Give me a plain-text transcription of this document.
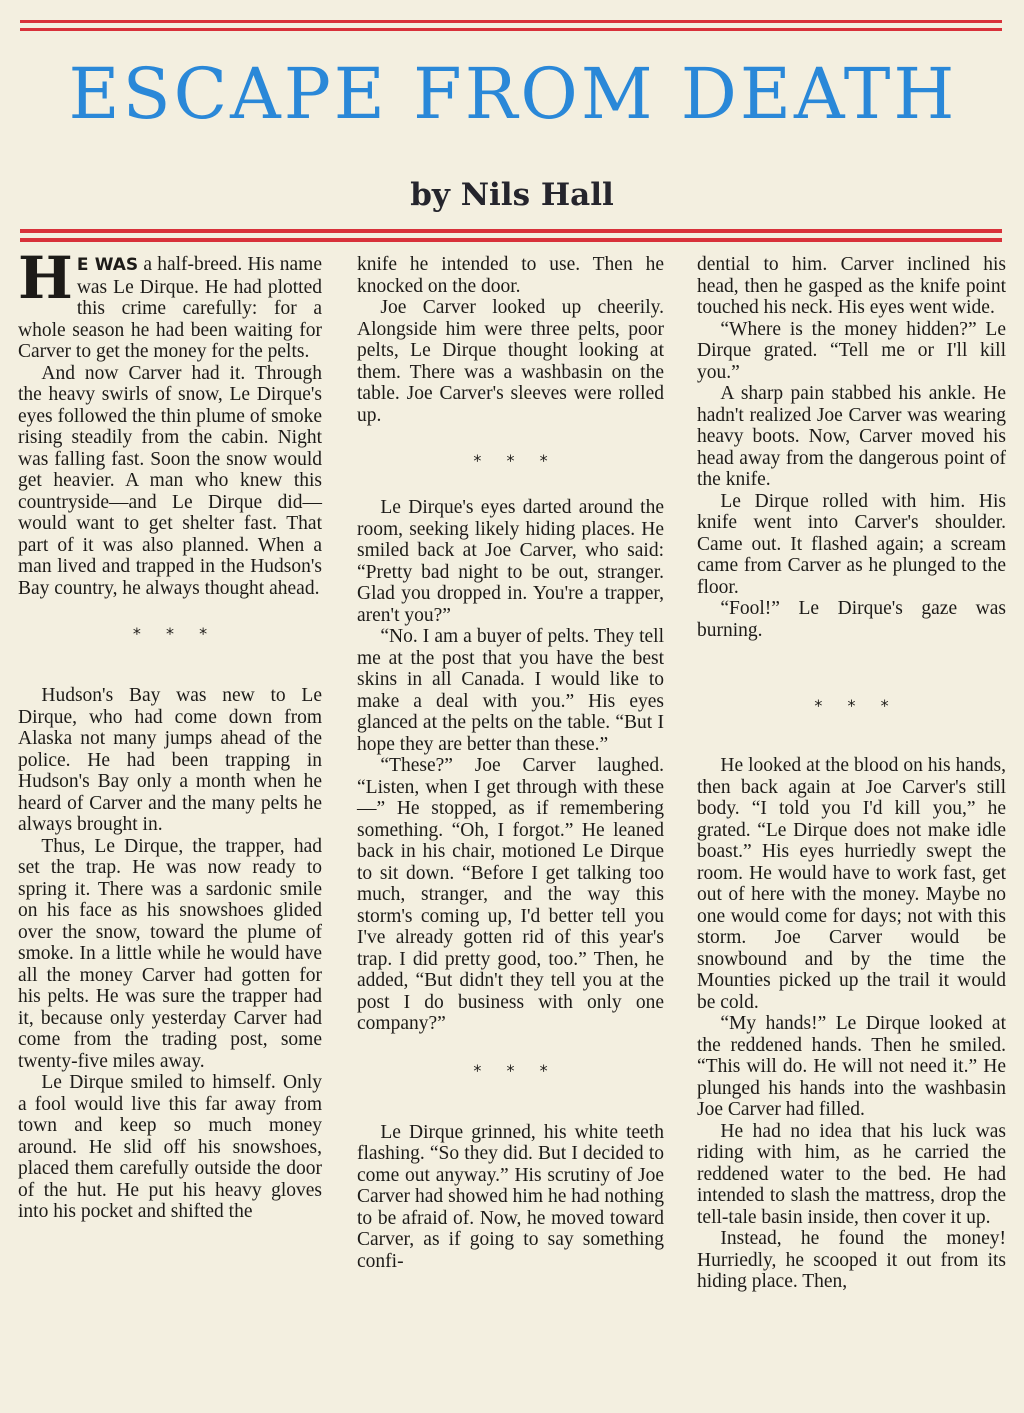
ESCAPE FROM DEATH
by Nils Hall

H E WAS a half-breed. His name was Le Dirque. He had plotted this crime carefully: for a whole season he had been waiting for Carver to get the money for the pelts.

And now Carver had it. Through the heavy swirls of snow, Le Dirque's eyes followed the thin plume of smoke rising steadily from the cabin. Night was falling fast. Soon the snow would get heavier. A man who knew this countryside—and Le Dirque did—would want to get shelter fast. That part of it was also planned. When a man lived and trapped in the Hudson's Bay country, he always thought ahead.

* * *

Hudson's Bay was new to Le Dirque, who had come down from Alaska not many jumps ahead of the police. He had been trapping in Hudson's Bay only a month when he heard of Carver and the many pelts he always brought in.

Thus, Le Dirque, the trapper, had set the trap. He was now ready to spring it. There was a sardonic smile on his face as his snowshoes glided over the snow, toward the plume of smoke. In a little while he would have all the money Carver had gotten for his pelts. He was sure the trapper had it, because only yesterday Carver had come from the trading post, some twenty-five miles away.

Le Dirque smiled to himself. Only a fool would live this far away from town and keep so much money around. He slid off his snowshoes, placed them carefully outside the door of the hut. He put his heavy gloves into his pocket and shifted the

knife he intended to use. Then he knocked on the door.

Joe Carver looked up cheerily. Alongside him were three pelts, poor pelts, Le Dirque thought looking at them. There was a washbasin on the table. Joe Carver's sleeves were rolled up.

* * *

Le Dirque's eyes darted around the room, seeking likely hiding places. He smiled back at Joe Carver, who said: “Pretty bad night to be out, stranger. Glad you dropped in. You're a trapper, aren't you?”

“No. I am a buyer of pelts. They tell me at the post that you have the best skins in all Canada. I would like to make a deal with you.” His eyes glanced at the pelts on the table. “But I hope they are better than these.”

“These?” Joe Carver laughed. “Listen, when I get through with these—” He stopped, as if remembering something. “Oh, I forgot.” He leaned back in his chair, motioned Le Dirque to sit down. “Before I get talking too much, stranger, and the way this storm's coming up, I'd better tell you I've already gotten rid of this year's trap. I did pretty good, too.” Then, he added, “But didn't they tell you at the post I do business with only one company?”

* * *

Le Dirque grinned, his white teeth flashing. “So they did. But I decided to come out anyway.” His scrutiny of Joe Carver had showed him he had nothing to be afraid of. Now, he moved toward Carver, as if going to say something confi-

dential to him. Carver inclined his head, then he gasped as the knife point touched his neck. His eyes went wide.

“Where is the money hidden?” Le Dirque grated. “Tell me or I'll kill you.”

A sharp pain stabbed his ankle. He hadn't realized Joe Carver was wearing heavy boots. Now, Carver moved his head away from the dangerous point of the knife.

Le Dirque rolled with him. His knife went into Carver's shoulder. Came out. It flashed again; a scream came from Carver as he plunged to the floor.

“Fool!” Le Dirque's gaze was burning.

* * *

He looked at the blood on his hands, then back again at Joe Carver's still body. “I told you I'd kill you,” he grated. “Le Dirque does not make idle boast.” His eyes hurriedly swept the room. He would have to work fast, get out of here with the money. Maybe no one would come for days; not with this storm. Joe Carver would be snowbound and by the time the Mounties picked up the trail it would be cold.

“My hands!” Le Dirque looked at the reddened hands. Then he smiled. “This will do. He will not need it.” He plunged his hands into the washbasin Joe Carver had filled.

He had no idea that his luck was riding with him, as he carried the reddened water to the bed. He had intended to slash the mattress, drop the tell-tale basin inside, then cover it up.

Instead, he found the money! Hurriedly, he scooped it out from its hiding place. Then,
